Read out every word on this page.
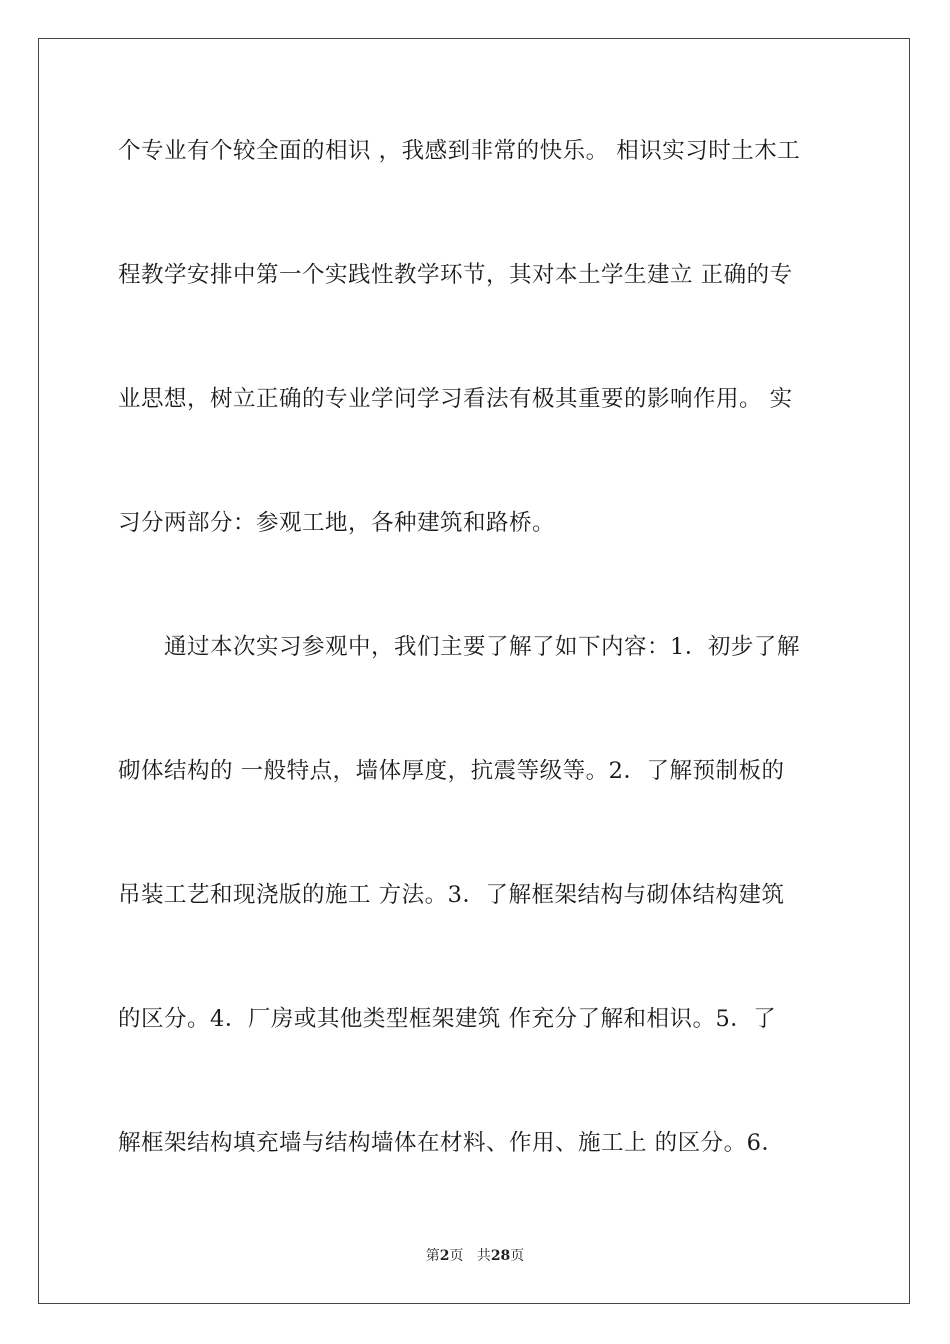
个专业有个较全面的相识 ，我感到非常的快乐。 相识实习时土木工
程教学安排中第一个实践性教学环节，其对本土学生建立 正确的专
业思想，树立正确的专业学问学习看法有极其重要的影响作用。 实
习分两部分：参观工地，各种建筑和路桥。
通过本次实习参观中，我们主要了解了如下内容：1．初步了解
砌体结构的 一般特点，墙体厚度，抗震等级等。2．了解预制板的
吊装工艺和现浇版的施工 方法。3．了解框架结构与砌体结构建筑
的区分。4．厂房或其他类型框架建筑 作充分了解和相识。5．了
解框架结构填充墙与结构墙体在材料、作用、施工上 的区分。6．
第2页 共28页
